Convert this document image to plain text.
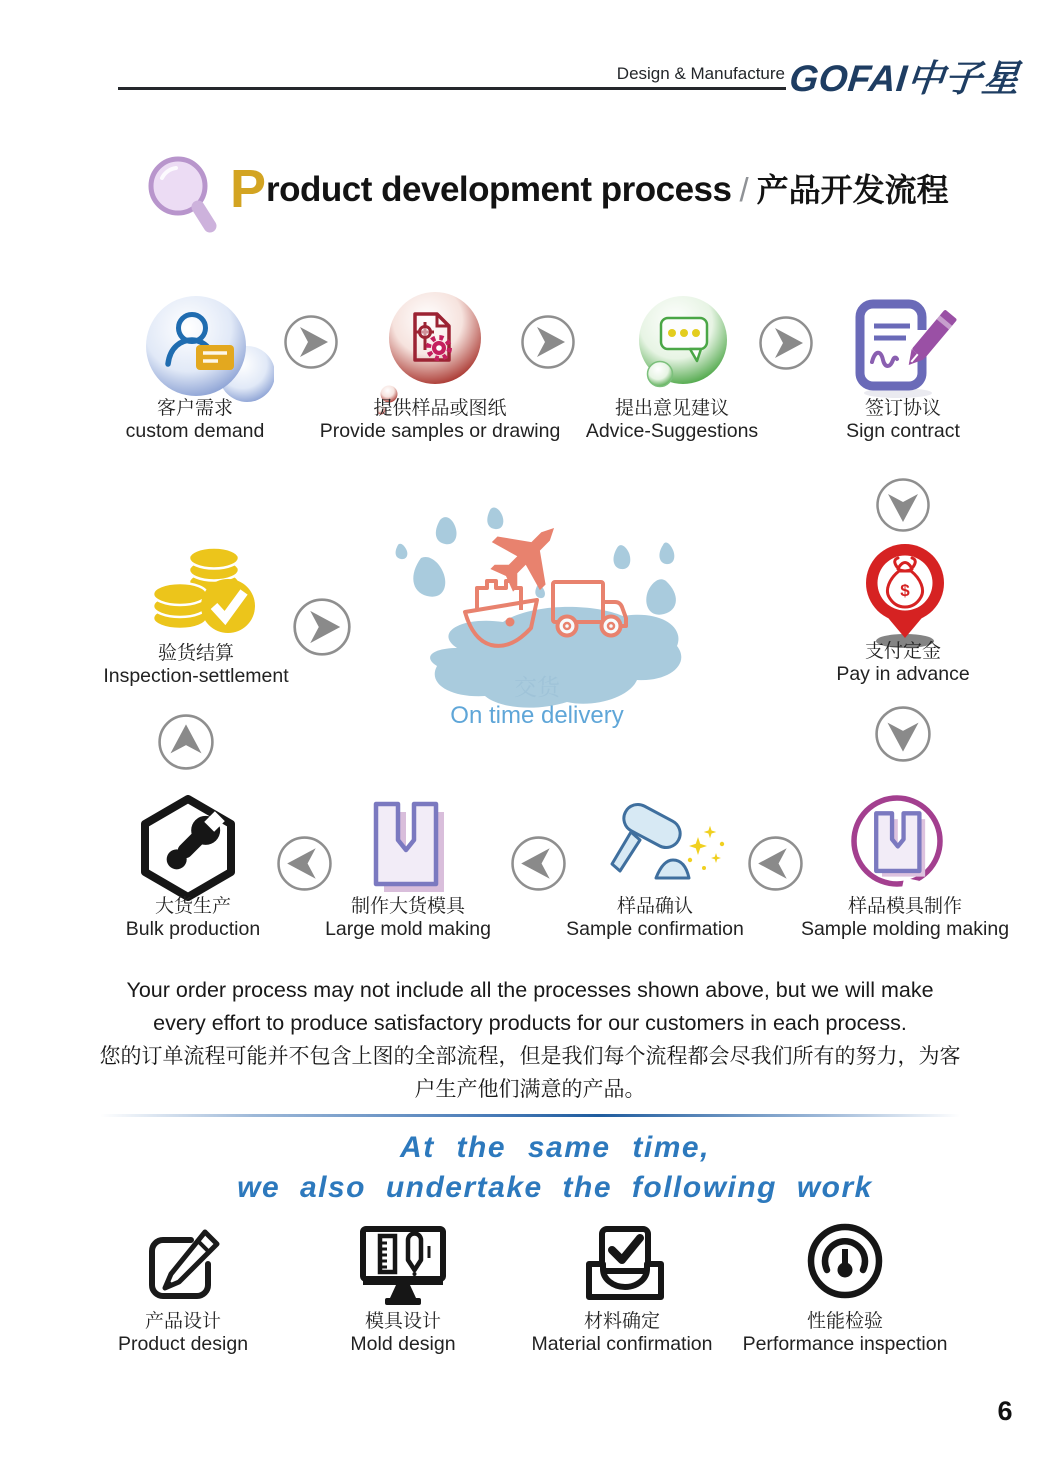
Design & Manufacture GOFAI中子星
Product development process / 产品开发流程
客户需求
custom demand
提供样品或图纸
Provide samples or drawing
提出意见建议
Advice-Suggestions
签订协议
Sign contract
$
支付定金
Pay in advance
验货结算
Inspection-settlement	交货
On time delivery
大货生产
Bulk production
制作大货模具
Large mold making
样品确认
Sample confirmation
样品模具制作
Sample molding making
Your order process may not include all the processes shown above, but we will make
every effort to produce satisfactory products for our customers in each process.
您的订单流程可能并不包含上图的全部流程，但是我们每个流程都会尽我们所有的努力，为客
户生产他们满意的产品。
At the same time,
we also undertake the following work
产品设计
Product design
模具设计
Mold design
材料确定
Material confirmation
性能检验
Performance inspection
6
